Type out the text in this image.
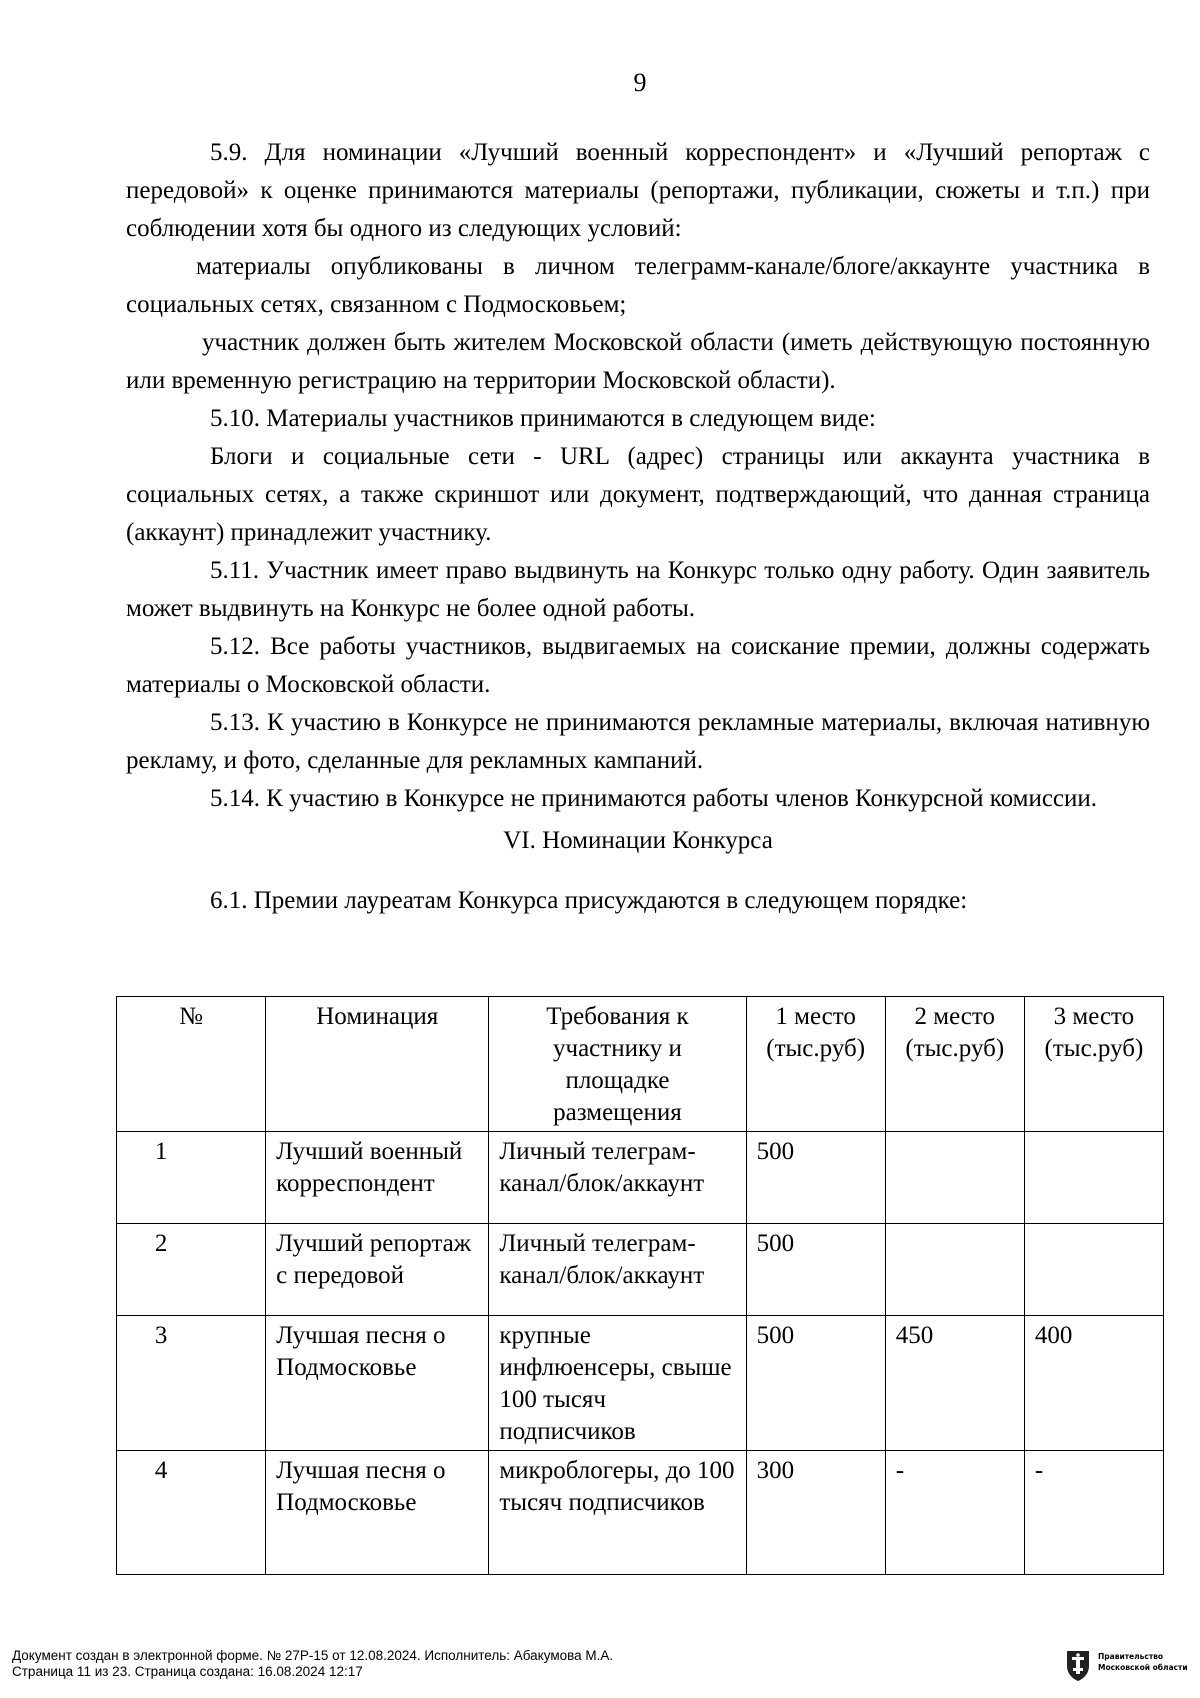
9

5.9. Для номинации «Лучший военный корреспондент» и «Лучший репортаж с передовой» к оценке принимаются материалы (репортажи, публикации, сюжеты и т.п.) при соблюдении хотя бы одного из следующих условий:

материалы опубликованы в личном телеграмм-канале/блоге/аккаунте участника в социальных сетях, связанном с Подмосковьем;

участник должен быть жителем Московской области (иметь действующую постоянную или временную регистрацию на территории Московской области).

5.10. Материалы участников принимаются в следующем виде:

Блоги и социальные сети - URL (адрес) страницы или аккаунта участника в социальных сетях, а также скриншот или документ, подтверждающий, что данная страница (аккаунт) принадлежит участнику.

5.11. Участник имеет право выдвинуть на Конкурс только одну работу. Один заявитель может выдвинуть на Конкурс не более одной работы.

5.12. Все работы участников, выдвигаемых на соискание премии, должны содержать материалы о Московской области.

5.13. К участию в Конкурсе не принимаются рекламные материалы, включая нативную рекламу, и фото, сделанные для рекламных кампаний.

5.14. К участию в Конкурсе не принимаются работы членов Конкурсной комиссии.

VI. Номинации Конкурса

6.1. Премии лауреатам Конкурса присуждаются в следующем порядке:

№	Номинация	Требования к участнику и площадке размещения	1 место (тыс.руб)	2 место (тыс.руб)	3 место (тыс.руб)
1	Лучший военный корреспондент	Личный телеграм-канал/блок/аккаунт	500		
2	Лучший репортаж с передовой	Личный телеграм-канал/блок/аккаунт	500		
3	Лучшая песня о Подмосковье	крупные инфлюенсеры, свыше 100 тысяч подписчиков	500	450	400
4	Лучшая песня о Подмосковье	микроблогеры, до 100 тысяч подписчиков	300	-	-
Документ создан в электронной форме. № 27Р-15 от 12.08.2024. Исполнитель: Абакумова М.А.
Страница 11 из 23. Страница создана: 16.08.2024 12:17
Правительство
Московской области
